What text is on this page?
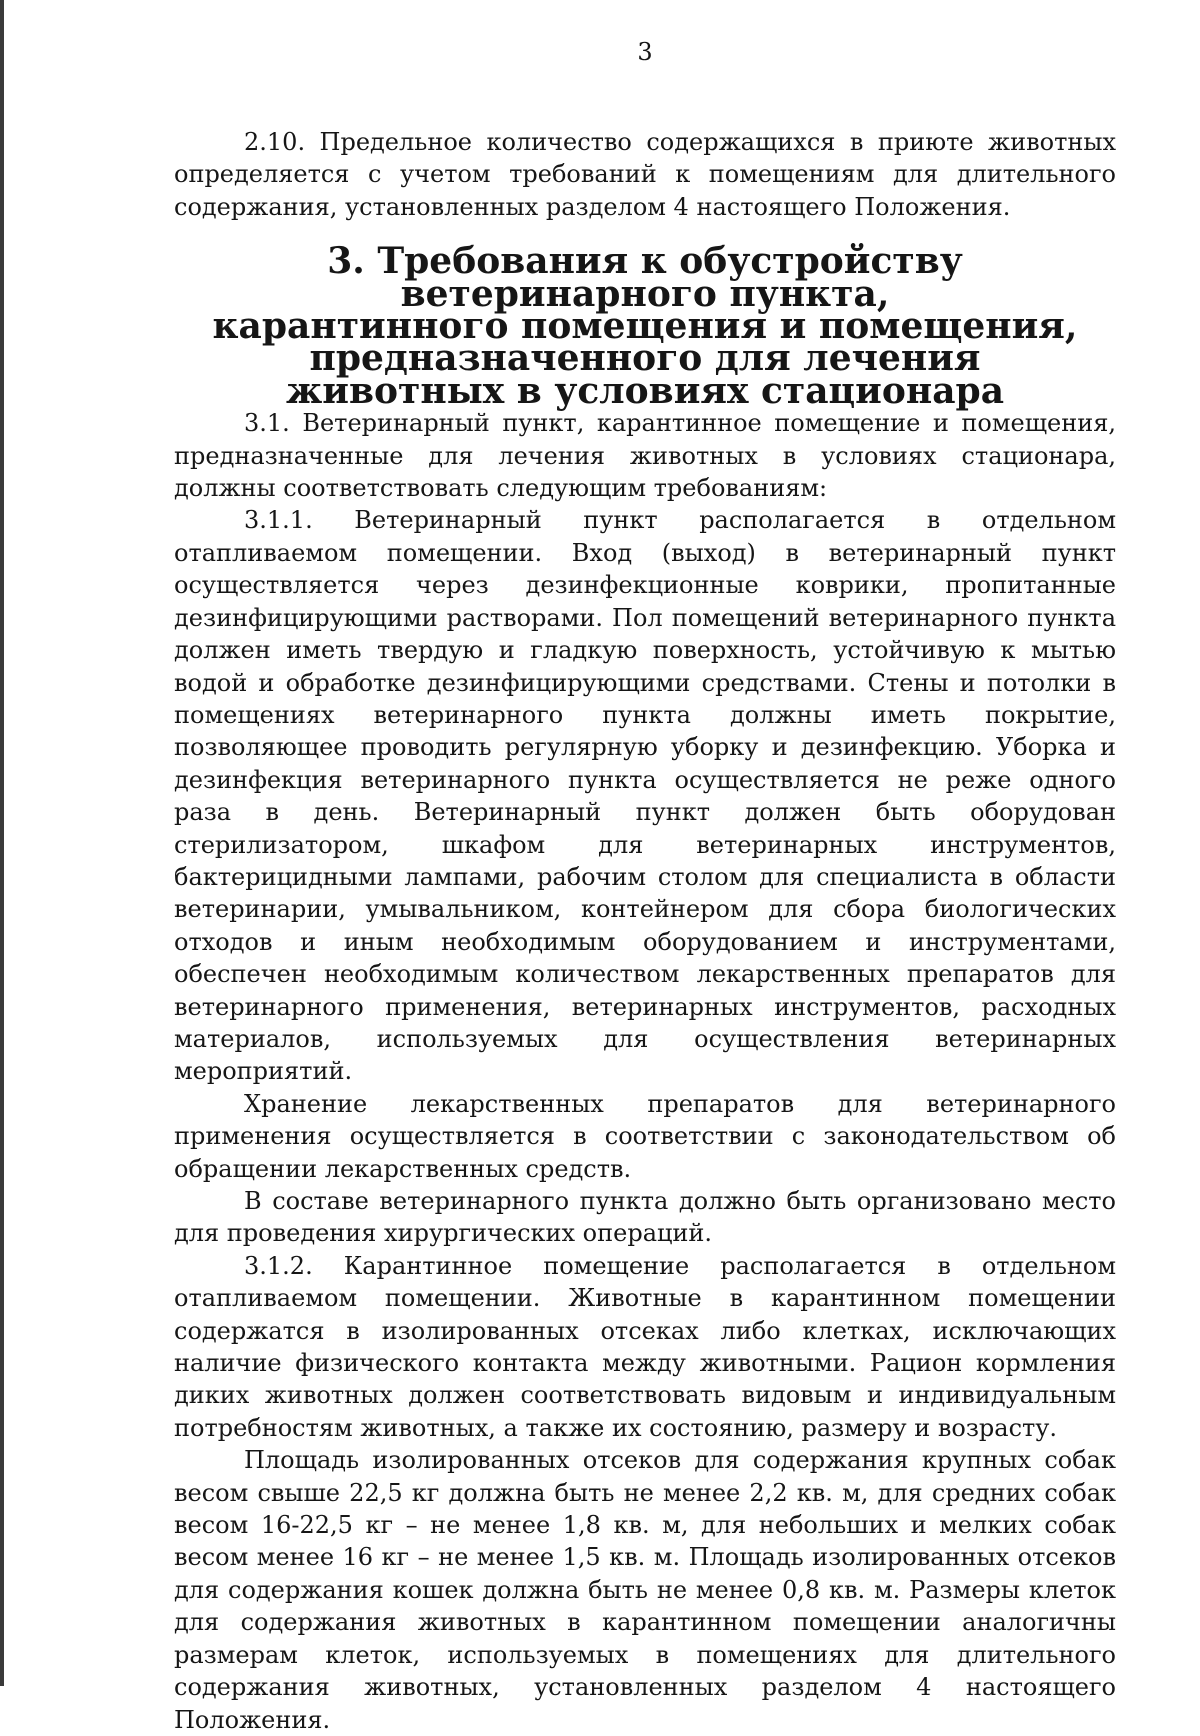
3

2.10. Предельное количество содержащихся в приюте животных определяется с учетом требований к помещениям для длительного содержания, установленных разделом 4 настоящего Положения.

3. Требования к обустройству ветеринарного пункта,
карантинного помещения и помещения, предназначенного для лечения
животных в условиях стационара

3.1. Ветеринарный пункт, карантинное помещение и помещения, предназначенные для лечения животных в условиях стационара, должны соответствовать следующим требованиям:

3.1.1. Ветеринарный пункт располагается в отдельном отапливаемом помещении. Вход (выход) в ветеринарный пункт осуществляется через дезинфекционные коврики, пропитанные дезинфицирующими растворами. Пол помещений ветеринарного пункта должен иметь твердую и гладкую поверхность, устойчивую к мытью водой и обработке дезинфицирующими средствами. Стены и потолки в помещениях ветеринарного пункта должны иметь покрытие, позволяющее проводить регулярную уборку и дезинфекцию. Уборка и дезинфекция ветеринарного пункта осуществляется не реже одного раза в день. Ветеринарный пункт должен быть оборудован стерилизатором, шкафом для ветеринарных инструментов, бактерицидными лампами, рабочим столом для специалиста в области ветеринарии, умывальником, контейнером для сбора биологических отходов и иным необходимым оборудованием и инструментами, обеспечен необходимым количеством лекарственных препаратов для ветеринарного применения, ветеринарных инструментов, расходных материалов, используемых для осуществления ветеринарных мероприятий.

Хранение лекарственных препаратов для ветеринарного применения осуществляется в соответствии с законодательством об обращении лекарственных средств.

В составе ветеринарного пункта должно быть организовано место для проведения хирургических операций.

3.1.2. Карантинное помещение располагается в отдельном отапливаемом помещении. Животные в карантинном помещении содержатся в изолированных отсеках либо клетках, исключающих наличие физического контакта между животными. Рацион кормления диких животных должен соответствовать видовым и индивидуальным потребностям животных, а также их состоянию, размеру и возрасту.

Площадь изолированных отсеков для содержания крупных собак весом свыше 22,5 кг должна быть не менее 2,2 кв. м, для средних собак весом 16-22,5 кг – не менее 1,8 кв. м, для небольших и мелких собак весом менее 16 кг – не менее 1,5 кв. м. Площадь изолированных отсеков для содержания кошек должна быть не менее 0,8 кв. м. Размеры клеток для содержания животных в карантинном помещении аналогичны размерам клеток, используемых в помещениях для длительного содержания животных, установленных разделом 4 настоящего Положения.
